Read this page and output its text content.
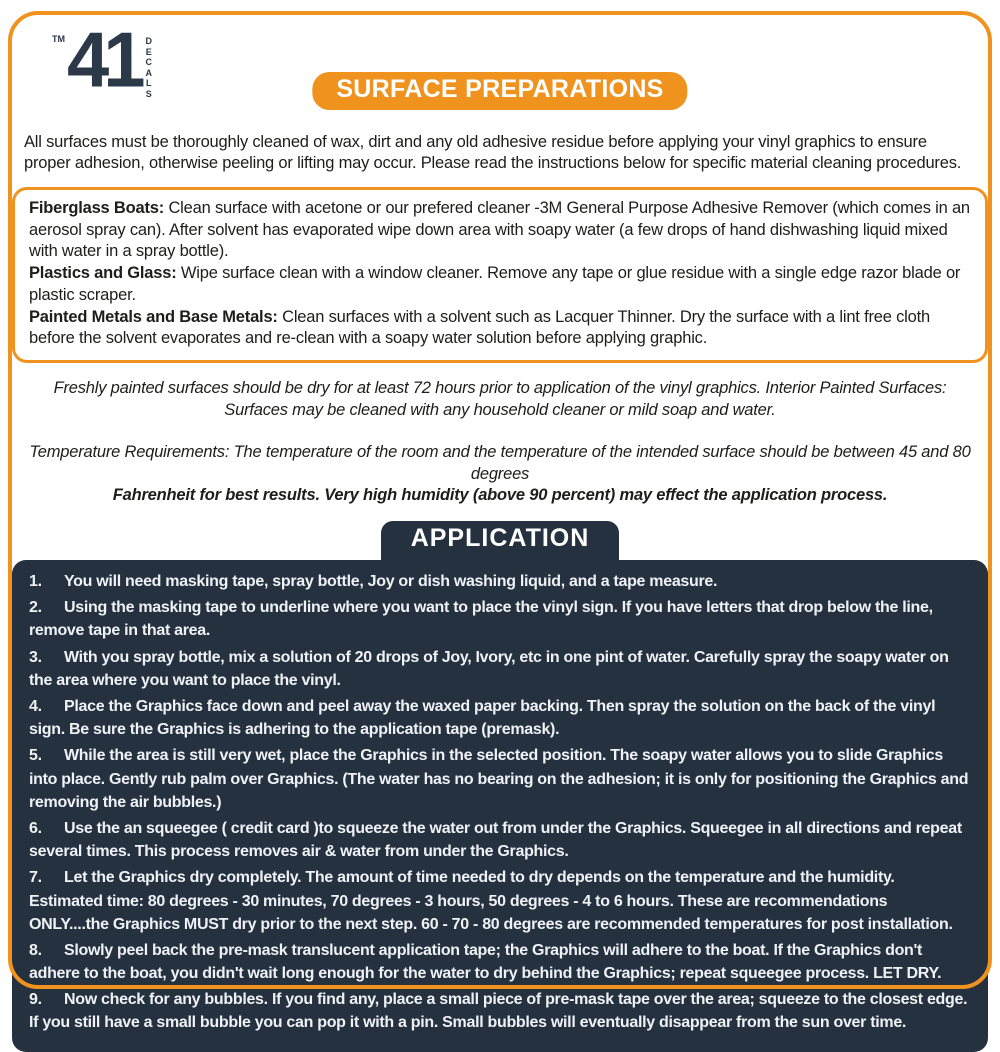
TM 41 D
E
C
A
L
S	SURFACE PREPARATIONS

All surfaces must be thoroughly cleaned of wax, dirt and any old adhesive residue before applying your vinyl graphics to ensure proper adhesion, otherwise peeling or lifting may occur. Please read the instructions below for specific material cleaning procedures.

Fiberglass Boats: Clean surface with acetone or our prefered cleaner -3M General Purpose Adhesive Remover (which comes in an aerosol spray can). After solvent has evaporated wipe down area with soapy water (a few drops of hand dishwashing liquid mixed with water in a spray bottle).

Plastics and Glass: Wipe surface clean with a window cleaner. Remove any tape or glue residue with a single edge razor blade or plastic scraper.

Painted Metals and Base Metals: Clean surfaces with a solvent such as Lacquer Thinner. Dry the surface with a lint free cloth before the solvent evaporates and re-clean with a soapy water solution before applying graphic.

Freshly painted surfaces should be dry for at least 72 hours prior to application of the vinyl graphics. Interior Painted Surfaces: Surfaces may be cleaned with any household cleaner or mild soap and water.

Temperature Requirements: The temperature of the room and the temperature of the intended surface should be between 45 and 80 degrees
Fahrenheit for best results. Very high humidity (above 90 percent) may effect the application process.

APPLICATION

1. You will need masking tape, spray bottle, Joy or dish washing liquid, and a tape measure.

2. Using the masking tape to underline where you want to place the vinyl sign. If you have letters that drop below the line, remove tape in that area.

3. With you spray bottle, mix a solution of 20 drops of Joy, Ivory, etc in one pint of water. Carefully spray the soapy water on the area where you want to place the vinyl.

4. Place the Graphics face down and peel away the waxed paper backing. Then spray the solution on the back of the vinyl sign. Be sure the Graphics is adhering to the application tape (premask).

5. While the area is still very wet, place the Graphics in the selected position. The soapy water allows you to slide Graphics into place. Gently rub palm over Graphics. (The water has no bearing on the adhesion; it is only for positioning the Graphics and removing the air bubbles.)

6. Use the an squeegee ( credit card )to squeeze the water out from under the Graphics. Squeegee in all directions and repeat several times. This process removes air & water from under the Graphics.

7. Let the Graphics dry completely. The amount of time needed to dry depends on the temperature and the humidity. Estimated time: 80 degrees - 30 minutes, 70 degrees - 3 hours, 50 degrees - 4 to 6 hours. These are recommendations ONLY....the Graphics MUST dry prior to the next step. 60 - 70 - 80 degrees are recommended temperatures for post installation.

8. Slowly peel back the pre-mask translucent application tape; the Graphics will adhere to the boat. If the Graphics don't adhere to the boat, you didn't wait long enough for the water to dry behind the Graphics; repeat squeegee process. LET DRY.

9. Now check for any bubbles. If you find any, place a small piece of pre-mask tape over the area; squeeze to the closest edge. If you still have a small bubble you can pop it with a pin. Small bubbles will eventually disappear from the sun over time.
